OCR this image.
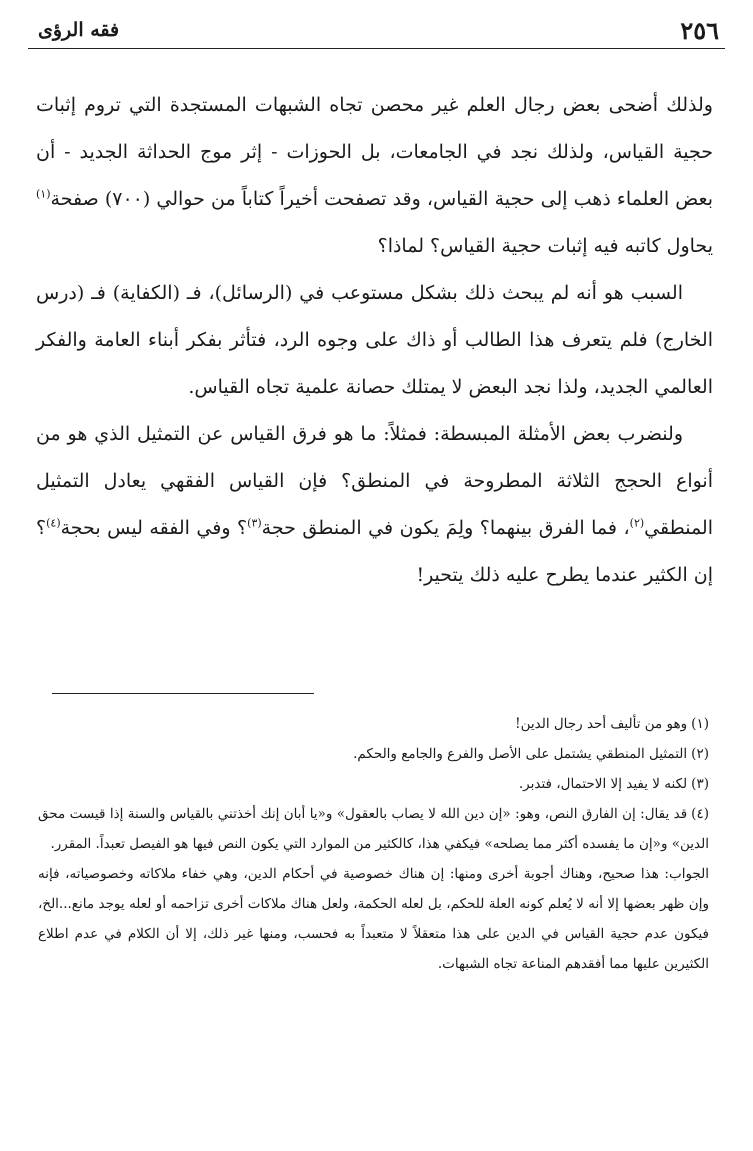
٢٥٦
فقه الرؤى

ولذلك أضحى بعض رجال العلم غير محصن تجاه الشبهات المستجدة التي تروم إثبات حجية القياس، ولذلك نجد في الجامعات، بل الحوزات - إثر موج الحداثة الجديد - أن بعض العلماء ذهب إلى حجية القياس، وقد تصفحت أخيراً كتاباً من حوالي (٧٠٠) صفحة$^{(١)}$ يحاول كاتبه فيه إثبات حجية القياس؟ لماذا؟

السبب هو أنه لم يبحث ذلك بشكل مستوعب في (الرسائل)، فـ (الكفاية) فـ (درس الخارج) فلم يتعرف هذا الطالب أو ذاك على وجوه الرد، فتأثر بفكر أبناء العامة والفكر العالمي الجديد، ولذا نجد البعض لا يمتلك حصانة علمية تجاه القياس.

ولنضرب بعض الأمثلة المبسطة: فمثلاً: ما هو فرق القياس عن التمثيل الذي هو من أنواع الحجج الثلاثة المطروحة في المنطق؟ فإن القياس الفقهي يعادل التمثيل المنطقي$^{(٢)}$، فما الفرق بينهما؟ ولِمَ يكون في المنطق حجة$^{(٣)}$؟ وفي الفقه ليس بحجة$^{(٤)}$؟ إن الكثير عندما يطرح عليه ذلك يتحير!

(١)وهو من تأليف أحد رجال الدين!

(٢)التمثيل المنطقي يشتمل على الأصل والفرع والجامع والحكم.

(٣)لكنه لا يفيد إلا الاحتمال، فتدبر.

(٤)قد يقال: إن الفارق النص، وهو: «إن دين الله لا يصاب بالعقول» و«يا أبان إنك أخذتني بالقياس والسنة إذا قيست محق الدين» و«إن ما يفسده أكثر مما يصلحه» فيكفي هذا، كالكثير من الموارد التي يكون النص فيها هو الفيصل تعبداً. المقرر.

الجواب: هذا صحيح، وهناك أجوبة أخرى ومنها: إن هناك خصوصية في أحكام الدين، وهي خفاء ملاكاته وخصوصياته، فإنه وإن ظهر بعضها إلا أنه لا يُعلم كونه العلة للحكم، بل لعله الحكمة، ولعل هناك ملاكات أخرى تزاحمه أو لعله يوجد مانع...الخ، فيكون عدم حجية القياس في الدين على هذا متعقلاً لا متعبداً به فحسب، ومنها غير ذلك، إلا أن الكلام في عدم اطلاع الكثيرين عليها مما أفقدهم المناعة تجاه الشبهات.
